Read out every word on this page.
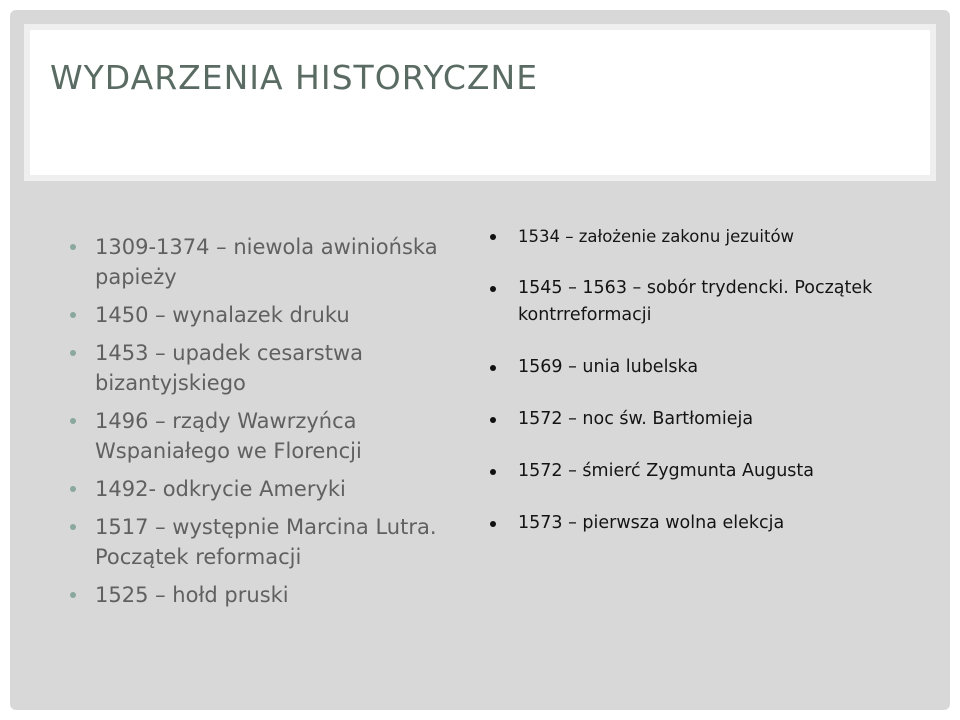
WYDARZENIA HISTORYCZNE
1309-1374 – niewola awiniońska papieży
1450 – wynalazek druku
1453 – upadek cesarstwa bizantyjskiego
1496 – rządy Wawrzyńca Wspaniałego we Florencji
1492- odkrycie Ameryki
1517 – występnie Marcina Lutra. Początek reformacji
1525 – hołd pruski
1534 – założenie zakonu jezuitów
1545 – 1563 – sobór trydencki. Początek kontrreformacji
1569 – unia lubelska
1572 – noc św. Bartłomieja
1572 – śmierć Zygmunta Augusta
1573 – pierwsza wolna elekcja
